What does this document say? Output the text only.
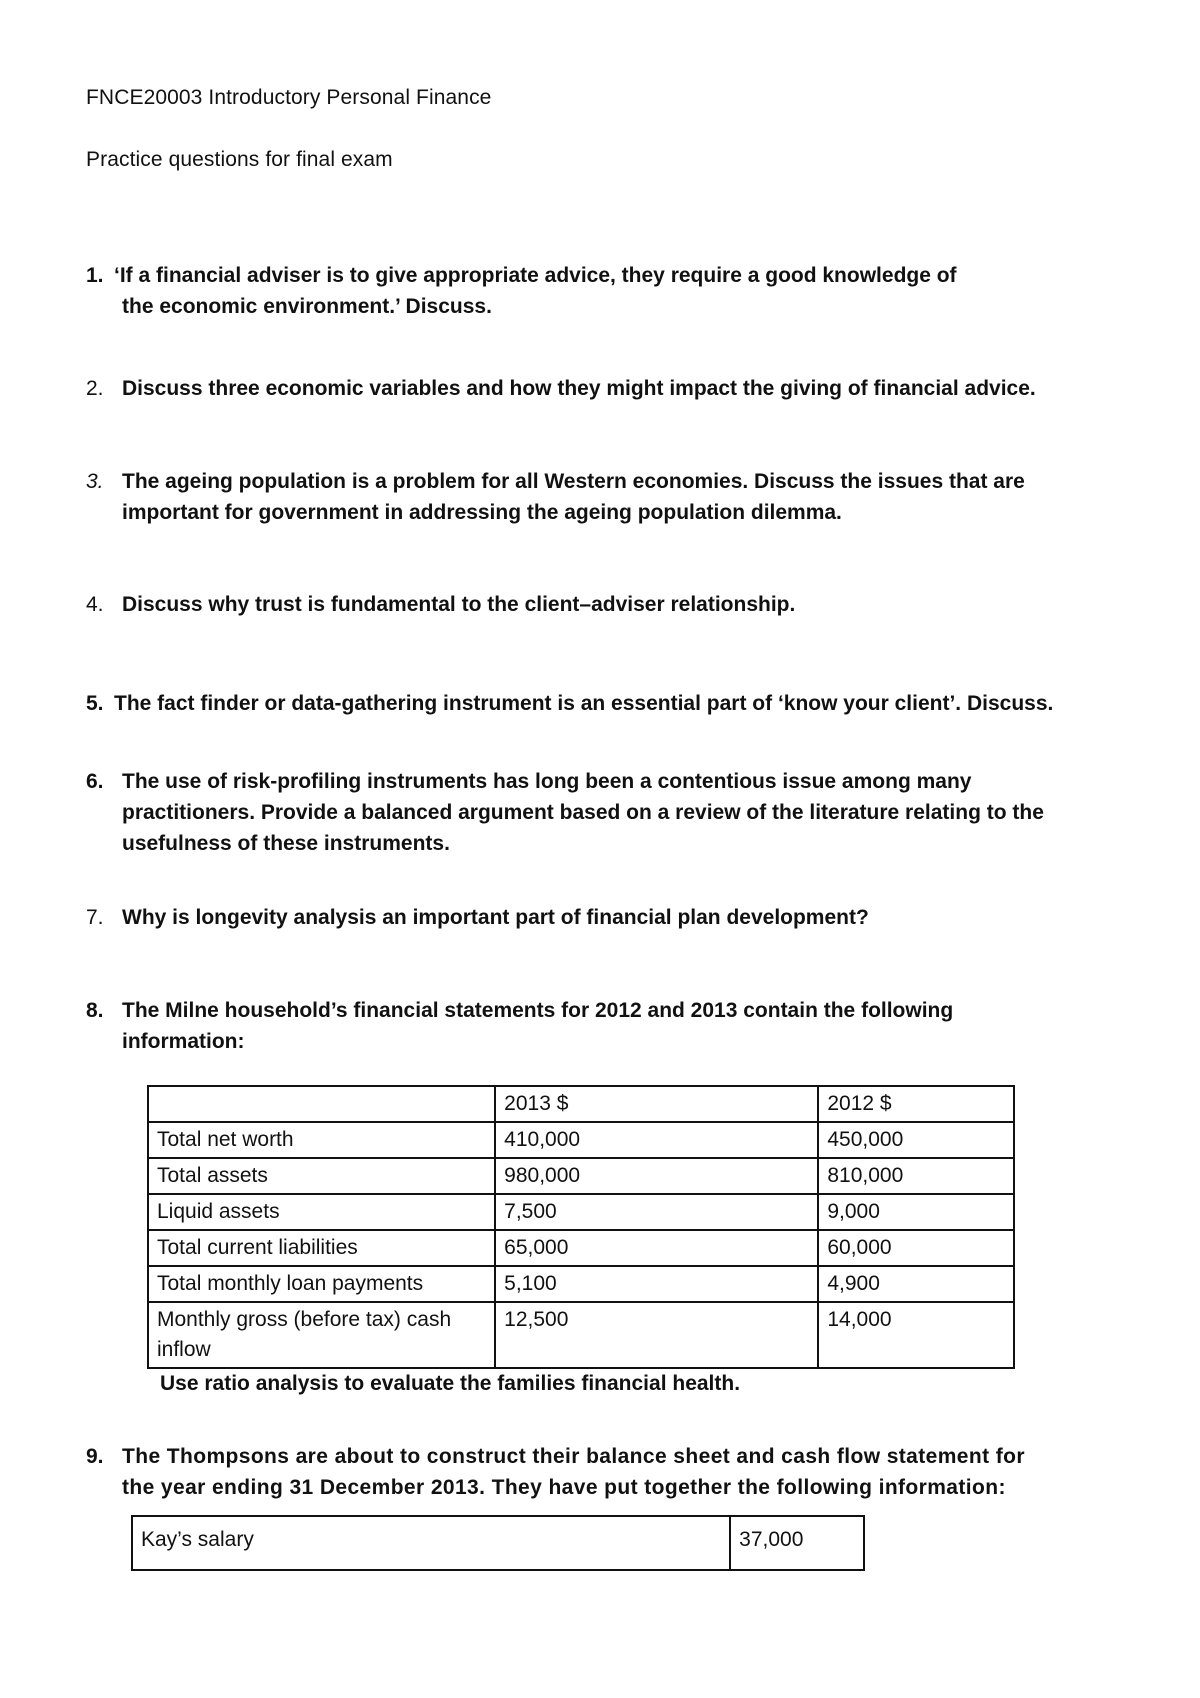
FNCE20003 Introductory Personal Finance
Practice questions for final exam
1. ‘If a financial adviser is to give appropriate advice, they require a good knowledge of
the economic environment.’ Discuss.
2. Discuss three economic variables and how they might impact the giving of financial advice.
3. The ageing population is a problem for all Western economies. Discuss the issues that are
important for government in addressing the ageing population dilemma.
4. Discuss why trust is fundamental to the client–adviser relationship.
5. The fact finder or data-gathering instrument is an essential part of ‘know your client’. Discuss.
6. The use of risk-profiling instruments has long been a contentious issue among many
practitioners. Provide a balanced argument based on a review of the literature relating to the
usefulness of these instruments.
7. Why is longevity analysis an important part of financial plan development?
8. The Milne household’s financial statements for 2012 and 2013 contain the following
information:
	2013 $	2012 $
Total net worth	410,000	450,000
Total assets	980,000	810,000
Liquid assets	7,500	9,000
Total current liabilities	65,000	60,000
Total monthly loan payments	5,100	4,900
Monthly gross (before tax) cash inflow	12,500	14,000
Use ratio analysis to evaluate the families financial health.
9. The Thompsons are about to construct their balance sheet and cash flow statement for
the year ending 31 December 2013. They have put together the following information:
Kay’s salary	37,000
